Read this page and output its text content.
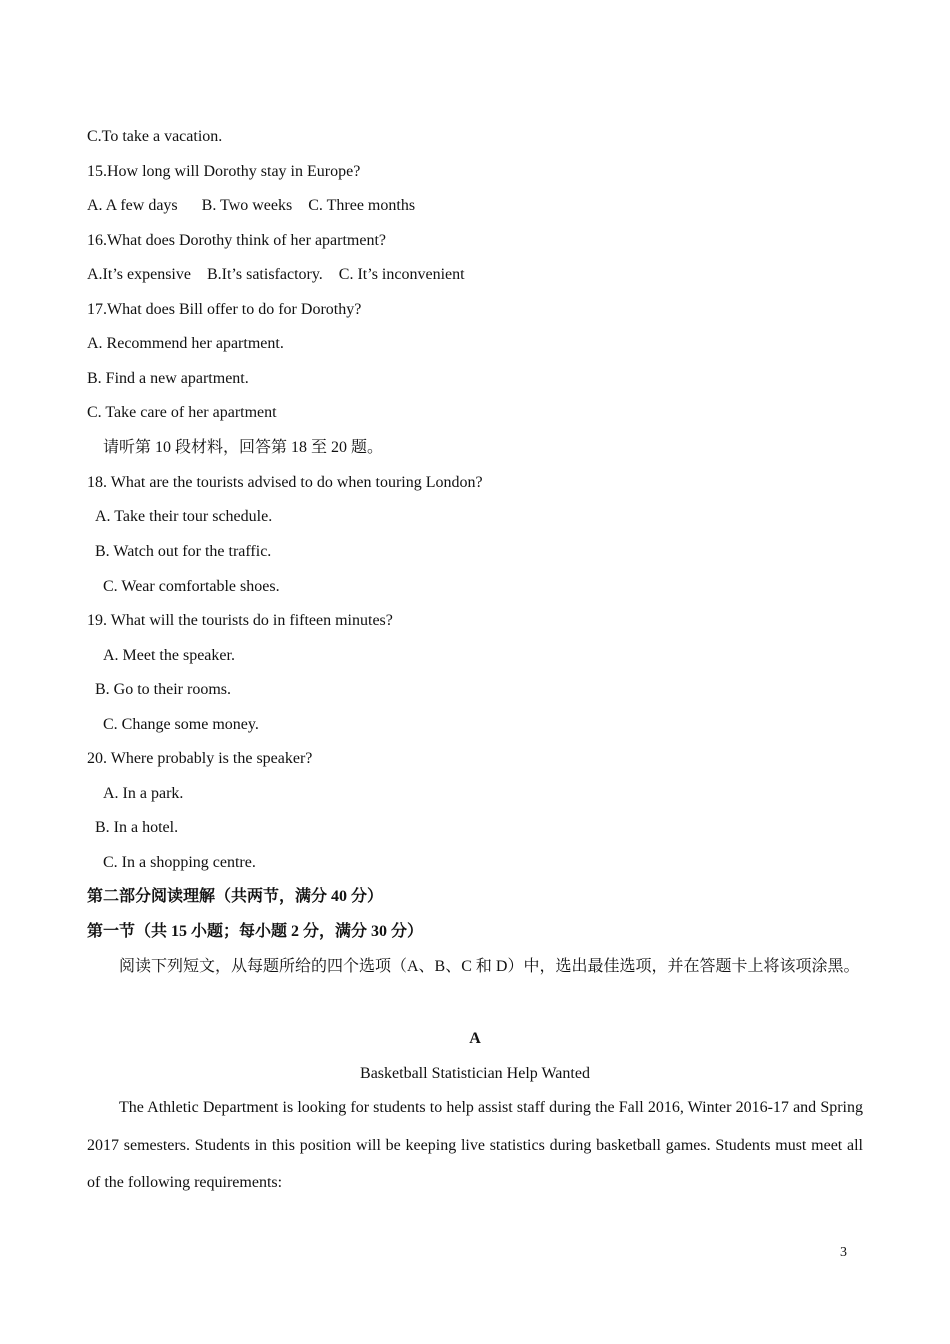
C.To take a vacation.
15.How long will Dorothy stay in Europe?
A. A few days      B. Two weeks    C. Three months
16.What does Dorothy think of her apartment?
A.It’s expensive    B.It’s satisfactory.    C. It’s inconvenient
17.What does Bill offer to do for Dorothy?
A. Recommend her apartment.
B. Find a new apartment.
C. Take care of her apartment
请听第 10 段材料，回答第 18 至 20 题。
18. What are the tourists advised to do when touring London?
A. Take their tour schedule.
B. Watch out for the traffic.
C. Wear comfortable shoes.
19. What will the tourists do in fifteen minutes?
A. Meet the speaker.
B. Go to their rooms.
C. Change some money.
20. Where probably is the speaker?
A. In a park.
B. In a hotel.
C. In a shopping centre.
第二部分阅读理解（共两节，满分 40 分）
第一节（共 15 小题；每小题 2 分，满分 30 分）
阅读下列短文，从每题所给的四个选项（A、B、C 和 D）中，选出最佳选项，并在答题卡上将该项涂黑。
A
Basketball Statistician Help Wanted
The Athletic Department is looking for students to help assist staff during the Fall 2016, Winter 2016-17 and Spring 2017 semesters. Students in this position will be keeping live statistics during basketball games. Students must meet all of the following requirements:
3
